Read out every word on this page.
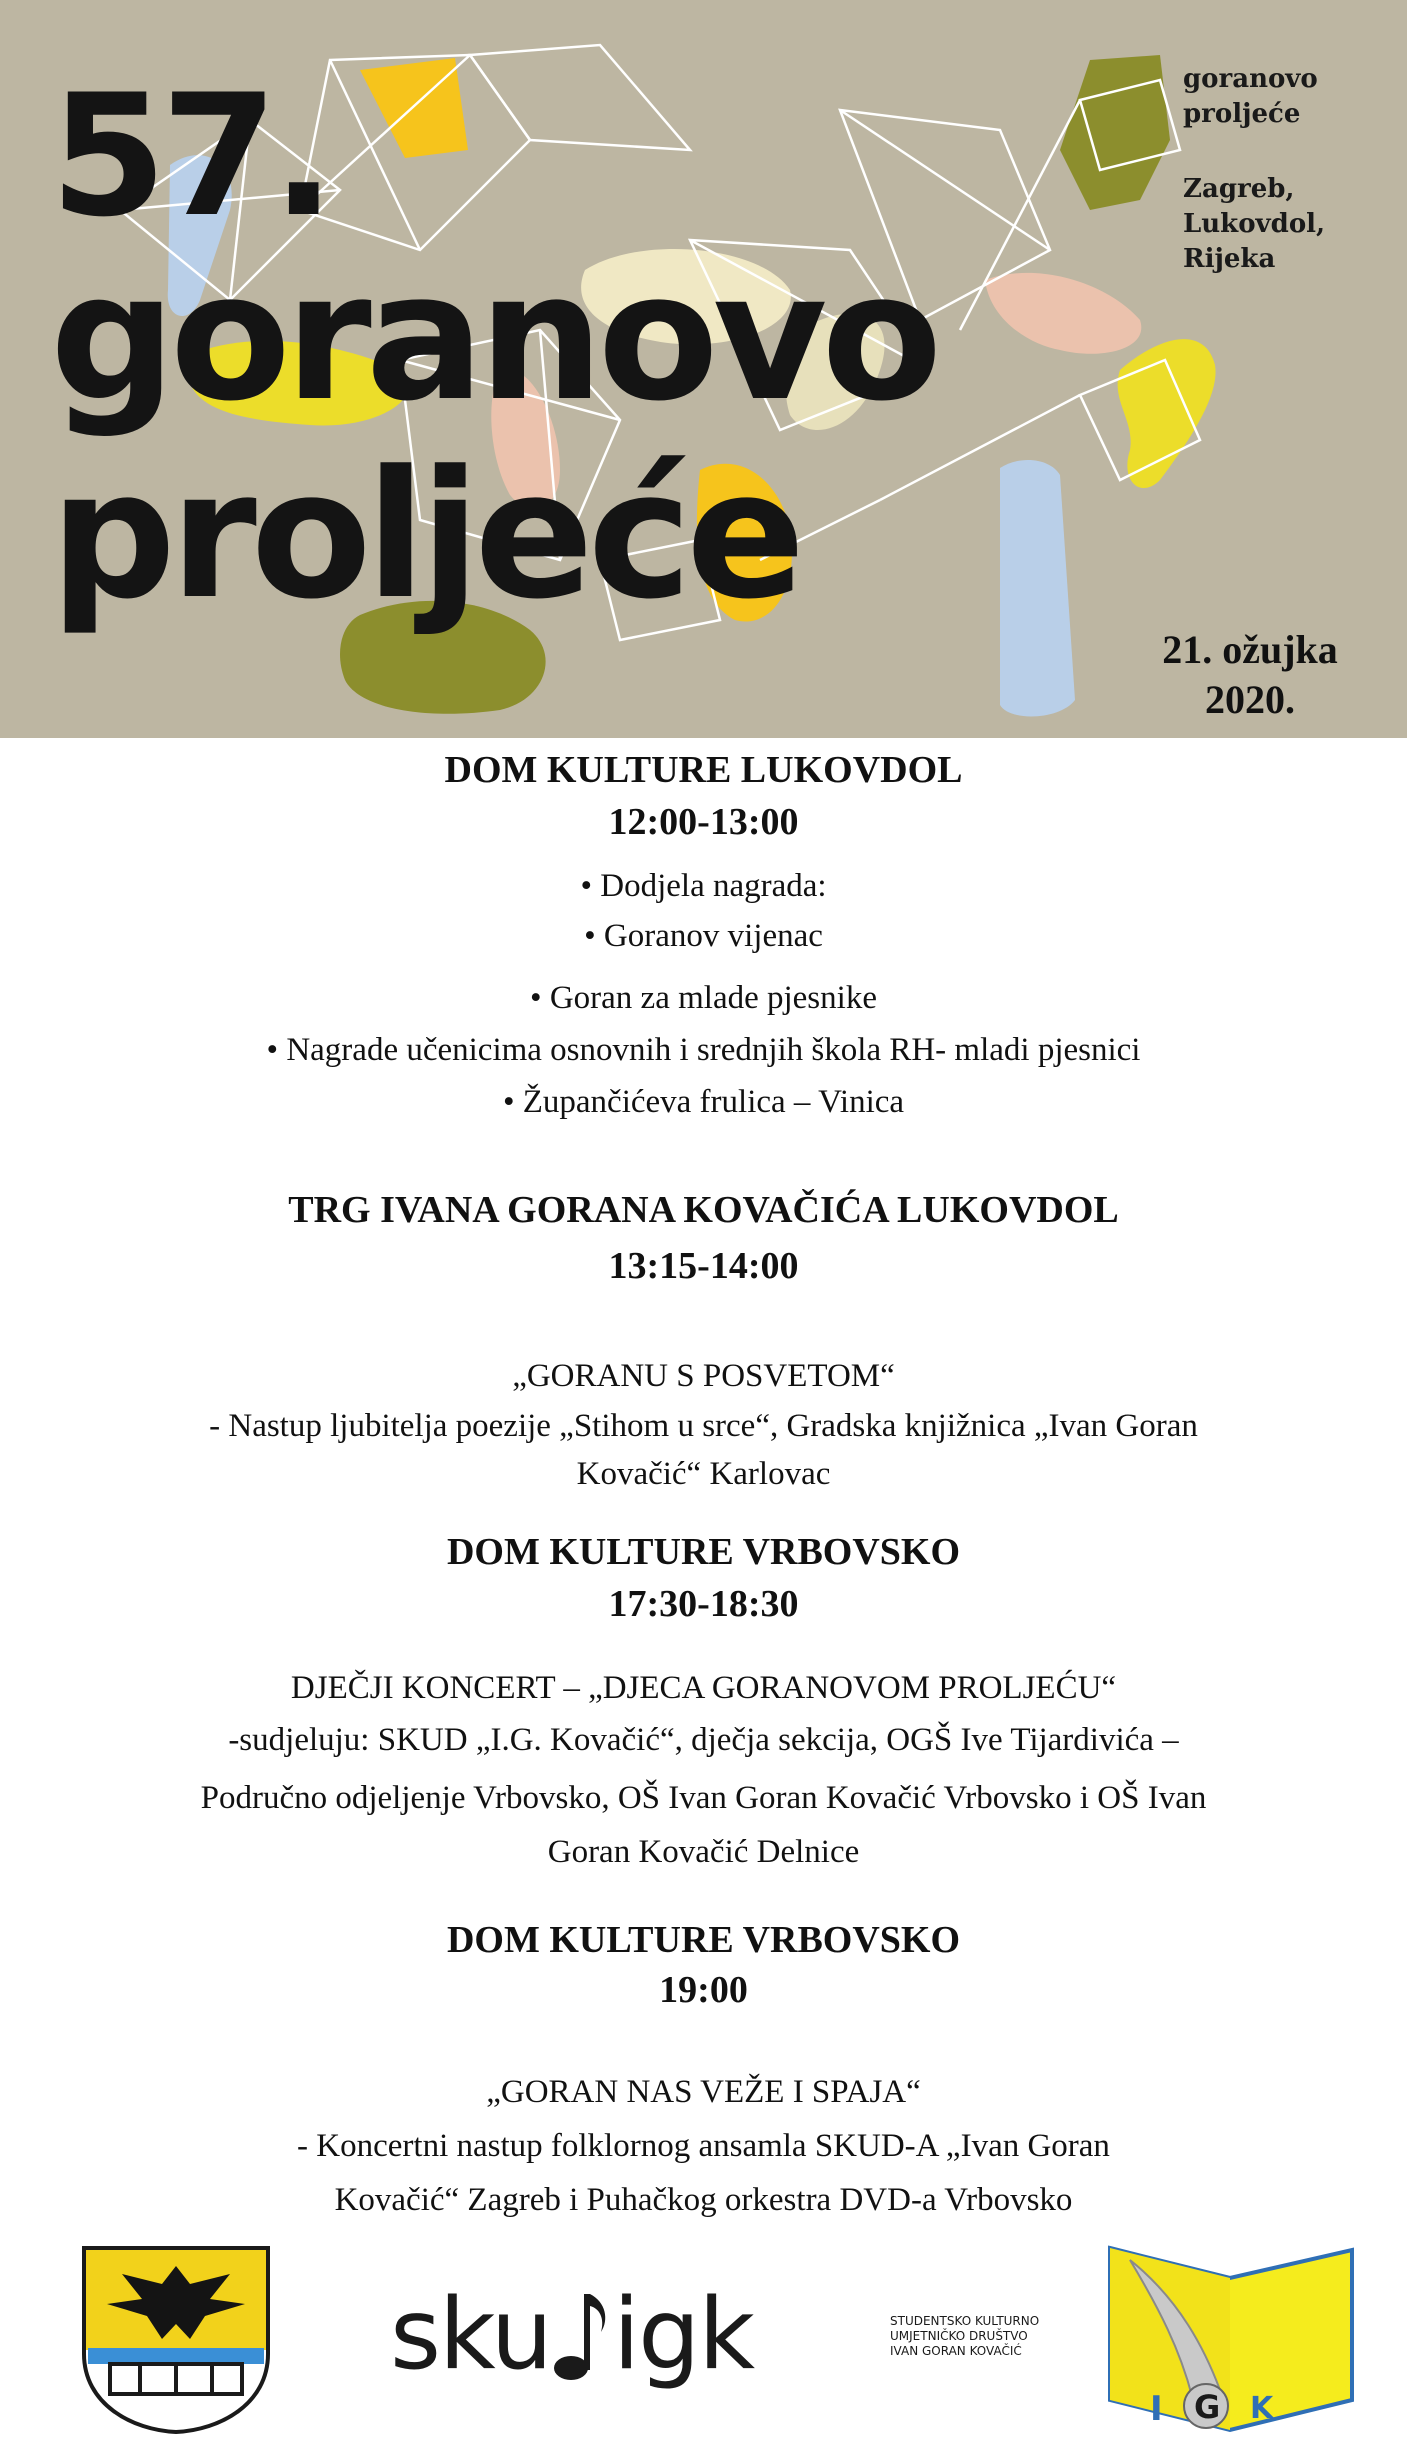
57.
goranovo
proljeće
goranovo
proljeće
Zagreb,
Lukovdol,
Rijeka
21. ožujka
2020.
DOM KULTURE LUKOVDOL
12:00-13:00
• Dodjela nagrada:
• Goranov vijenac
• Goran za mlade pjesnike
• Nagrade učenicima osnovnih i srednjih škola RH- mladi pjesnici
• Župančićeva frulica – Vinica
TRG IVANA GORANA KOVAČIĆA LUKOVDOL
13:15-14:00
„GORANU S POSVETOM“
- Nastup ljubitelja poezije „Stihom u srce“, Gradska knjižnica „Ivan Goran
Kovačić“ Karlovac
DOM KULTURE VRBOVSKO
17:30-18:30
DJEČJI KONCERT – „DJECA GORANOVOM PROLJEĆU“
-sudjeluju: SKUD „I.G. Kovačić“, dječja sekcija, OGŠ Ive Tijardivića –
Područno odjeljenje Vrbovsko, OŠ Ivan Goran Kovačić Vrbovsko i OŠ Ivan
Goran Kovačić Delnice
DOM KULTURE VRBOVSKO
19:00
„GORAN NAS VEŽE I SPAJA“
- Koncertni nastup folklornog ansamla SKUD-A „Ivan Goran
Kovačić“ Zagreb i Puhačkog orkestra DVD-a Vrbovsko
sku igk	STUDENTSKO KULTURNO
UMJETNIČKO DRUŠTVO
IVAN GORAN KOVAČIĆ
I G K
